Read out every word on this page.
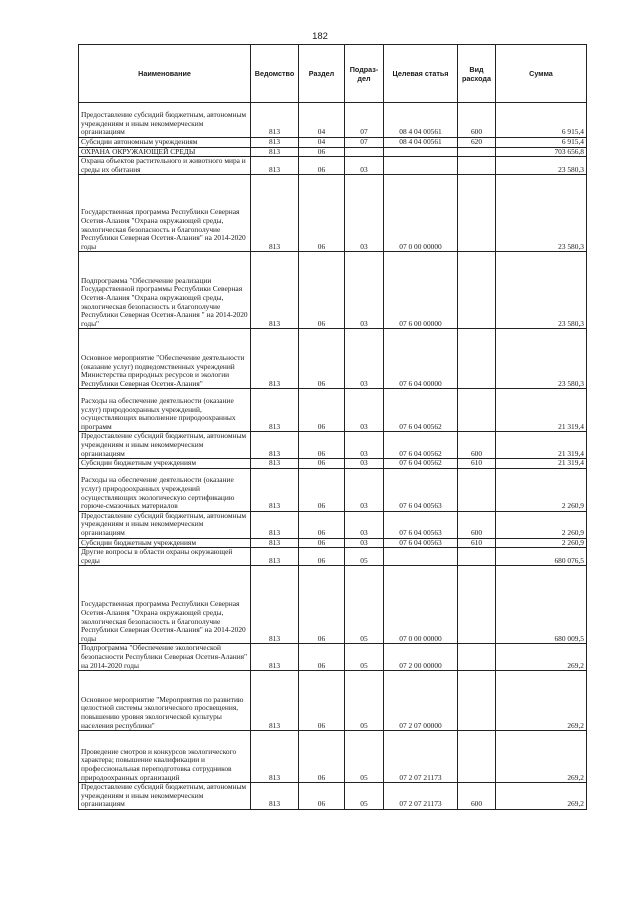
182
Наименование	Ведомство	Раздел	Подраз-дел	Целевая статья	Вид расхода	Сумма
Предоставление субсидий бюджетным, автономным учреждениям и иным некоммерческим организациям	813	04	07	08 4 04 00561	600	6 915,4
Субсидии автономным учреждениям	813	04	07	08 4 04 00561	620	6 915,4
ОХРАНА ОКРУЖАЮЩЕЙ СРЕДЫ	813	06				703 656,8
Охрана объектов растительного и животного мира и среды их обитания	813	06	03			23 580,3
Государственная программа Республики Северная Осетия-Алания "Охрана окружающей среды, экологическая безопасность и благополучие Республики Северная Осетия-Алания" на 2014-2020 годы	813	06	03	07 0 00 00000		23 580,3
Подпрограмма "Обеспечение реализации Государственной программы Республики Северная Осетия-Алания "Охрана окружающей среды, экологическая безопасность и благополучие Республики Северная Осетия-Алания " на 2014-2020 годы"	813	06	03	07 6 00 00000		23 580,3
Основное мероприятие "Обеспечение деятельности (оказание услуг) подведомственных учреждений Министерства природных ресурсов и экологии Республики Северная Осетия-Алания"	813	06	03	07 6 04 00000		23 580,3
Расходы на обеспечение деятельности (оказание услуг) природоохранных учреждений, осуществляющих выполнение природоохранных программ	813	06	03	07 6 04 00562		21 319,4
Предоставление субсидий бюджетным, автономным учреждениям и иным некоммерческим организациям	813	06	03	07 6 04 00562	600	21 319,4
Субсидии бюджетным учреждениям	813	06	03	07 6 04 00562	610	21 319,4
Расходы на обеспечение деятельности (оказание услуг) природоохранных учреждений осуществляющих экологическую сертификацию горюче-смазочных материалов	813	06	03	07 6 04 00563		2 260,9
Предоставление субсидий бюджетным, автономным учреждениям и иным некоммерческим организациям	813	06	03	07 6 04 00563	600	2 260,9
Субсидии бюджетным учреждениям	813	06	03	07 6 04 00563	610	2 260,9
Другие вопросы в области охраны окружающей среды	813	06	05			680 076,5
Государственная программа Республики Северная Осетия-Алания "Охрана окружающей среды, экологическая безопасность и благополучие Республики Северная Осетия-Алания" на 2014-2020 годы	813	06	05	07 0 00 00000		680 009,5
Подпрограмма "Обеспечение экологической безопасности Республики Северная Осетия-Алания" на 2014-2020 годы	813	06	05	07 2 00 00000		269,2
Основное мероприятие "Мероприятия по развитию целостной системы экологического просвещения, повышению уровня экологической культуры населения республики"	813	06	05	07 2 07 00000		269,2
Проведение смотров и конкурсов экологического характера; повышение квалификации и профессиональная переподготовка сотрудников природоохранных организаций	813	06	05	07 2 07 21173		269,2
Предоставление субсидий бюджетным, автономным учреждениям и иным некоммерческим организациям	813	06	05	07 2 07 21173	600	269,2
